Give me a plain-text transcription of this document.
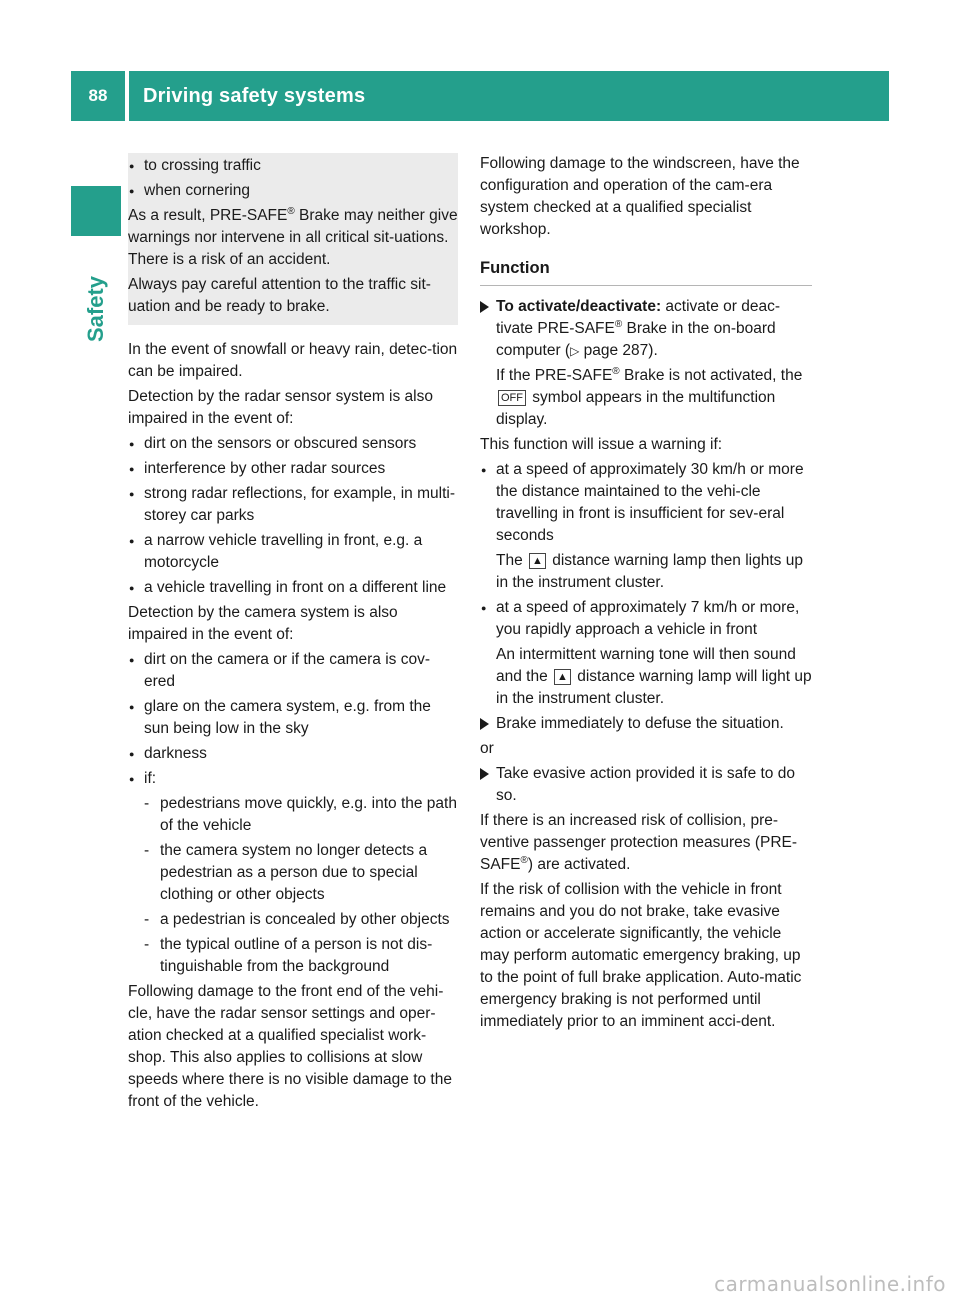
88	Driving safety systems
Safety
● to crossing traffic
● when cornering
As a result, PRE-SAFE® Brake may neither give warnings nor intervene in all critical sit-uations. There is a risk of an accident.
Always pay careful attention to the traffic sit-uation and be ready to brake.
In the event of snowfall or heavy rain, detec-tion can be impaired.
Detection by the radar sensor system is also impaired in the event of:
● dirt on the sensors or obscured sensors
● interference by other radar sources
● strong radar reflections, for example, in multi-storey car parks
● a narrow vehicle travelling in front, e.g. a motorcycle
● a vehicle travelling in front on a different line
Detection by the camera system is also impaired in the event of:
● dirt on the camera or if the camera is cov-ered
● glare on the camera system, e.g. from the sun being low in the sky
● darkness
● if:
- pedestrians move quickly, e.g. into the path of the vehicle
- the camera system no longer detects a pedestrian as a person due to special clothing or other objects
- a pedestrian is concealed by other objects
- the typical outline of a person is not dis-tinguishable from the background
Following damage to the front end of the vehi-cle, have the radar sensor settings and oper-ation checked at a qualified specialist work-shop. This also applies to collisions at slow speeds where there is no visible damage to the front of the vehicle.
Following damage to the windscreen, have the configuration and operation of the cam-era system checked at a qualified specialist workshop.
Function
To activate/deactivate: activate or deac-tivate PRE-SAFE® Brake in the on-board computer (▷ page 287).
If the PRE-SAFE® Brake is not activated, the OFF symbol appears in the multifunction display.
This function will issue a warning if:
● at a speed of approximately 30 km/h or more the distance maintained to the vehi-cle travelling in front is insufficient for sev-eral seconds
The ▲ distance warning lamp then lights up in the instrument cluster.
● at a speed of approximately 7 km/h or more, you rapidly approach a vehicle in front
An intermittent warning tone will then sound and the ▲ distance warning lamp will light up in the instrument cluster.
Brake immediately to defuse the situation.
or
Take evasive action provided it is safe to do so.
If there is an increased risk of collision, pre-ventive passenger protection measures (PRE-SAFE®) are activated.
If the risk of collision with the vehicle in front remains and you do not brake, take evasive action or accelerate significantly, the vehicle may perform automatic emergency braking, up to the point of full brake application. Auto-matic emergency braking is not performed until immediately prior to an imminent acci-dent.
carmanualsonline.info
